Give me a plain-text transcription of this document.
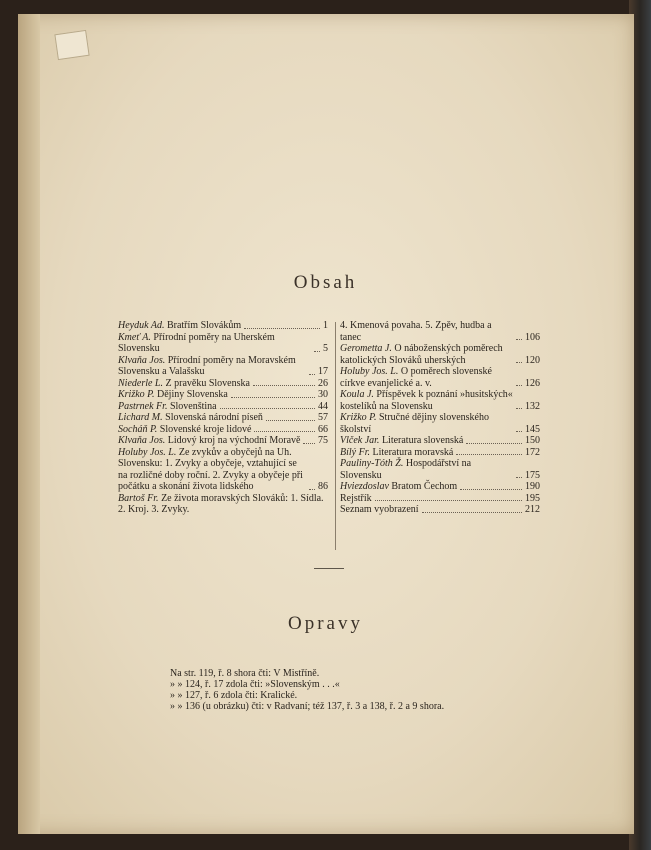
Obsah
Heyduk Ad. Bratřím Slovákům	1
Kmeť A. Přírodní poměry na Uherském Slovensku	5
Klvaňa Jos. Přírodní poměry na Moravském Slovensku a Valašsku	17
Niederle L. Z pravěku Slovenska	26
Križko P. Dějiny Slovenska	30
Pastrnek Fr. Slovenština	44
Lichard M. Slovenská národní píseň	57
Socháň P. Slovenské kroje lidové	66
Klvaňa Jos. Lidový kroj na východní Moravě 75
Holuby Jos. L. Ze zvykův a obyčejů na Uh. Slovensku: 1. Zvyky a obyčeje, vztahující se na rozličné doby roční. 2. Zvyky a obyčeje při počátku a skonání života lidského	86
Bartoš Fr. Ze života moravských Slováků: 1. Sídla. 2. Kroj. 3. Zvyky.
4. Kmenová povaha. 5. Zpěv, hudba a tanec	106
Gerometta J. O náboženských poměrech katolických Slováků uherských	120
Holuby Jos. L. O poměrech slovenské církve evanjelické a. v.	126
Koula J. Příspěvek k poznání »husitských« kostelíků na Slovensku	132
Križko P. Stručné dějiny slovenského školství	145
Vlček Jar. Literatura slovenská	150
Bílý Fr. Literatura moravská	172
Pauliny-Tóth Ž. Hospodářství na Slovensku	175
Hviezdoslav Bratom Čechom	190
Rejstřík	195
Seznam vyobrazení	212
Opravy
Na str. 119, ř. 8 shora čti: V Mistříně.
» » 124, ř. 17 zdola čti: »Slovenským . . .«
» » 127, ř. 6 zdola čti: Kralické.
» » 136 (u obrázku) čti: v Radvaní; též 137, ř. 3 a 138, ř. 2 a 9 shora.
